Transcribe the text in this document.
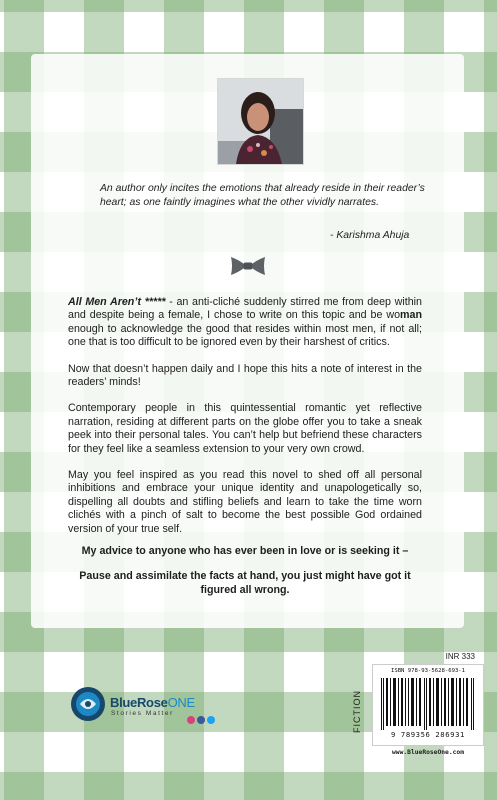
An author only incites the emotions that already reside in their reader’s heart; as one faintly imagines what the other vividly narrates.
- Karishma Ahuja

All Men Aren’t ***** - an anti-cliché suddenly stirred me from deep within and despite being a female, I chose to write on this topic and be woman enough to acknowledge the good that resides within most men, if not all; one that is too difficult to be ignored even by their harshest of critics.

Now that doesn’t happen daily and I hope this hits a note of interest in the readers’ minds!

Contemporary people in this quintessential romantic yet reflective narration, residing at different parts on the globe offer you to take a sneak peek into their personal tales. You can’t help but befriend these characters for they feel like a seamless extension to your very own crowd.

May you feel inspired as you read this novel to shed off all personal inhibitions and embrace your unique identity and unapologetically so, dispelling all doubts and stifling beliefs and learn to take the time worn clichés with a pinch of salt to become the best possible God ordained version of your true self.

My advice to anyone who has ever been in love or is seeking it –

Pause and assimilate the facts at hand, you just might have got it figured all wrong.

INR 333
FICTION
ISBN 978-93-5628-693-1
9 789356 286931
www.BlueRoseOne.com
BlueRoseONE
Stories Matter
